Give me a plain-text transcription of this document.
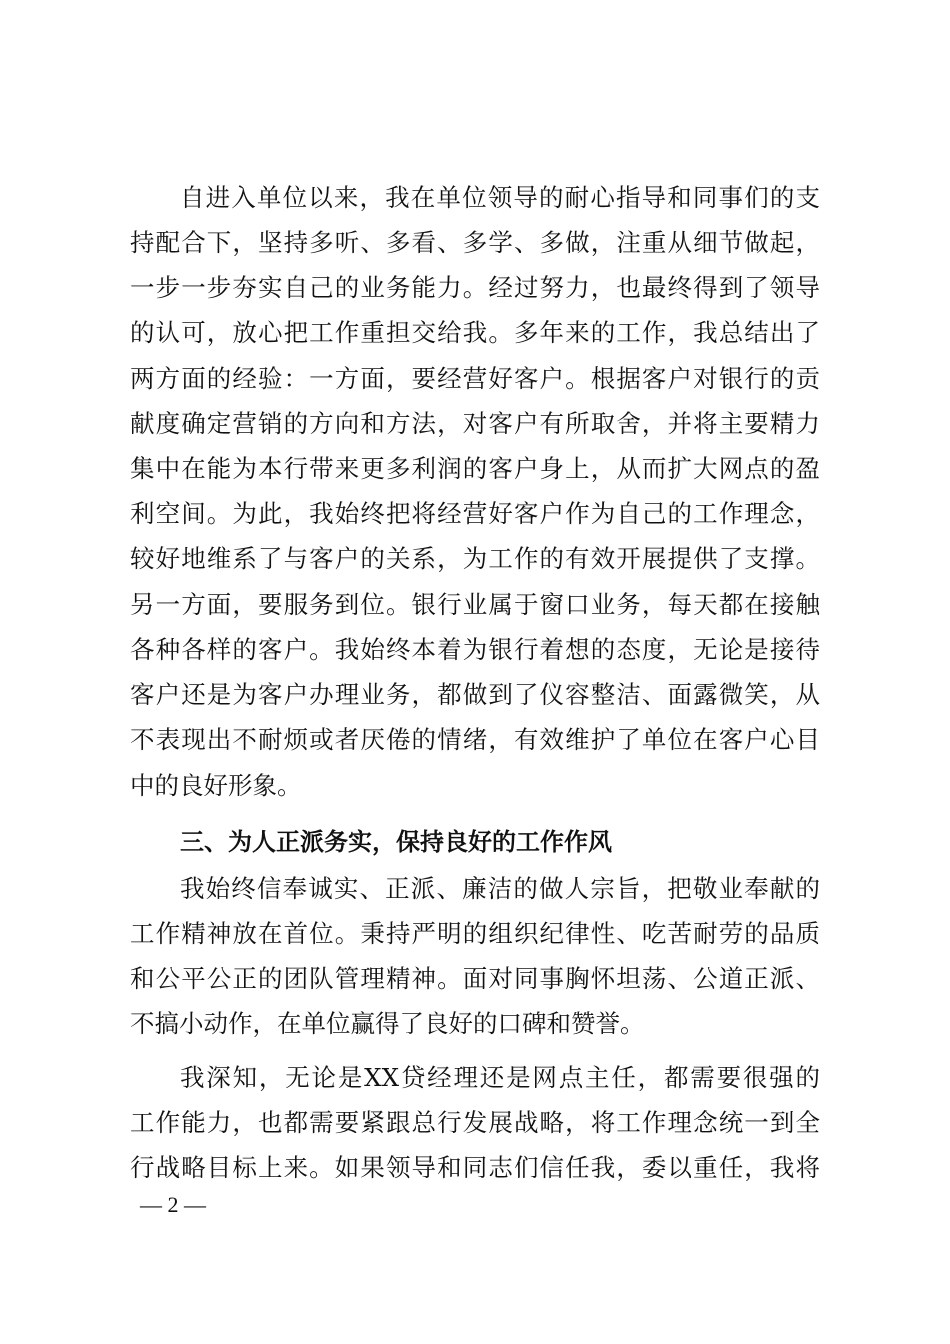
自进入单位以来，我在单位领导的耐心指导和同事们的支
持配合下，坚持多听、多看、多学、多做，注重从细节做起，
一步一步夯实自己的业务能力。经过努力，也最终得到了领导
的认可，放心把工作重担交给我。多年来的工作，我总结出了
两方面的经验：一方面，要经营好客户。根据客户对银行的贡
献度确定营销的方向和方法，对客户有所取舍，并将主要精力
集中在能为本行带来更多利润的客户身上，从而扩大网点的盈
利空间。为此，我始终把将经营好客户作为自己的工作理念，
较好地维系了与客户的关系，为工作的有效开展提供了支撑。
另一方面，要服务到位。银行业属于窗口业务，每天都在接触
各种各样的客户。我始终本着为银行着想的态度，无论是接待
客户还是为客户办理业务，都做到了仪容整洁、面露微笑，从
不表现出不耐烦或者厌倦的情绪，有效维护了单位在客户心目
中的良好形象。
三、为人正派务实，保持良好的工作作风
我始终信奉诚实、正派、廉洁的做人宗旨，把敬业奉献的
工作精神放在首位。秉持严明的组织纪律性、吃苦耐劳的品质
和公平公正的团队管理精神。面对同事胸怀坦荡、公道正派、
不搞小动作，在单位赢得了良好的口碑和赞誉。
我深知，无论是XX贷经理还是网点主任，都需要很强的
工作能力，也都需要紧跟总行发展战略，将工作理念统一到全
行战略目标上来。如果领导和同志们信任我，委以重任，我将
— 2 —
